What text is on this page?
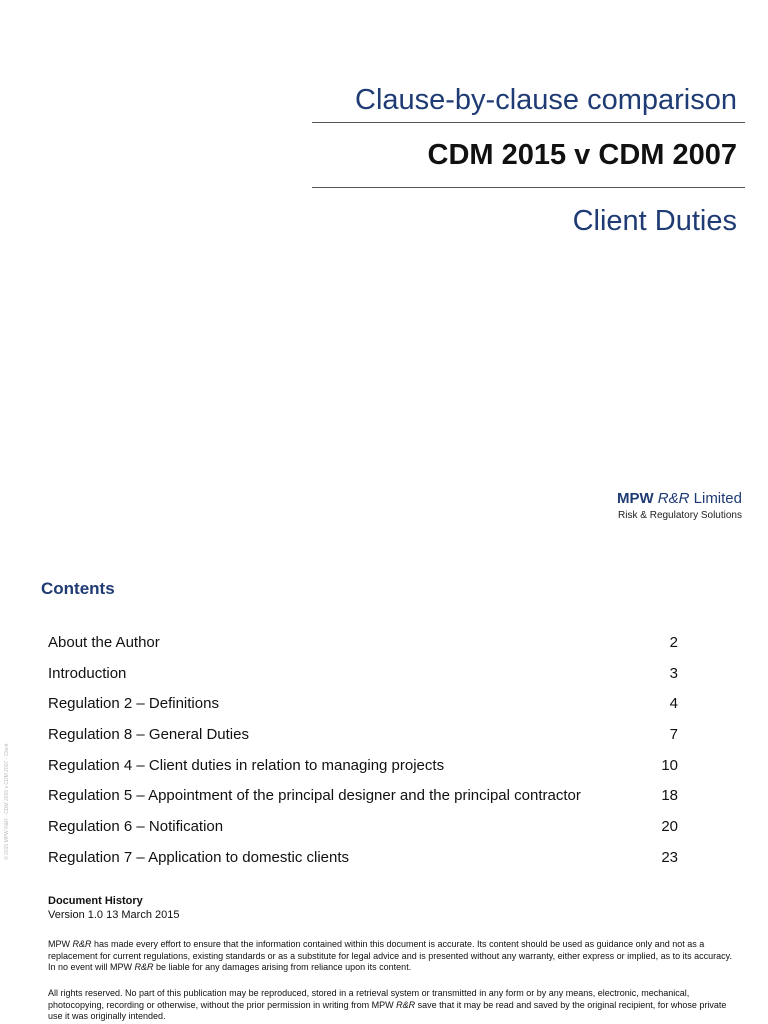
Clause-by-clause comparison
CDM 2015 v CDM 2007
Client Duties
MPW R&R Limited
Risk & Regulatory Solutions
Contents
About the Author	2
Introduction	3
Regulation 2 – Definitions	4
Regulation 8 – General Duties	7
Regulation 4 – Client duties in relation to managing projects	10
Regulation 5 – Appointment of the principal designer and the principal contractor	18
Regulation 6 – Notification	20
Regulation 7 – Application to domestic clients	23
© 2015 MPW R&R - CDM 2015 v CDM 2007 - Client
Document History
Version 1.0 13 March 2015
MPW R&R has made every effort to ensure that the information contained within this document is accurate. Its content should be used as guidance only and not as a replacement for current regulations, existing standards or as a substitute for legal advice and is presented without any warranty, either express or implied, as to its accuracy. In no event will MPW R&R be liable for any damages arising from reliance upon its content.
All rights reserved. No part of this publication may be reproduced, stored in a retrieval system or transmitted in any form or by any means, electronic, mechanical, photocopying, recording or otherwise, without the prior permission in writing from MPW R&R save that it may be read and saved by the original recipient, for whose private use it was originally intended.
